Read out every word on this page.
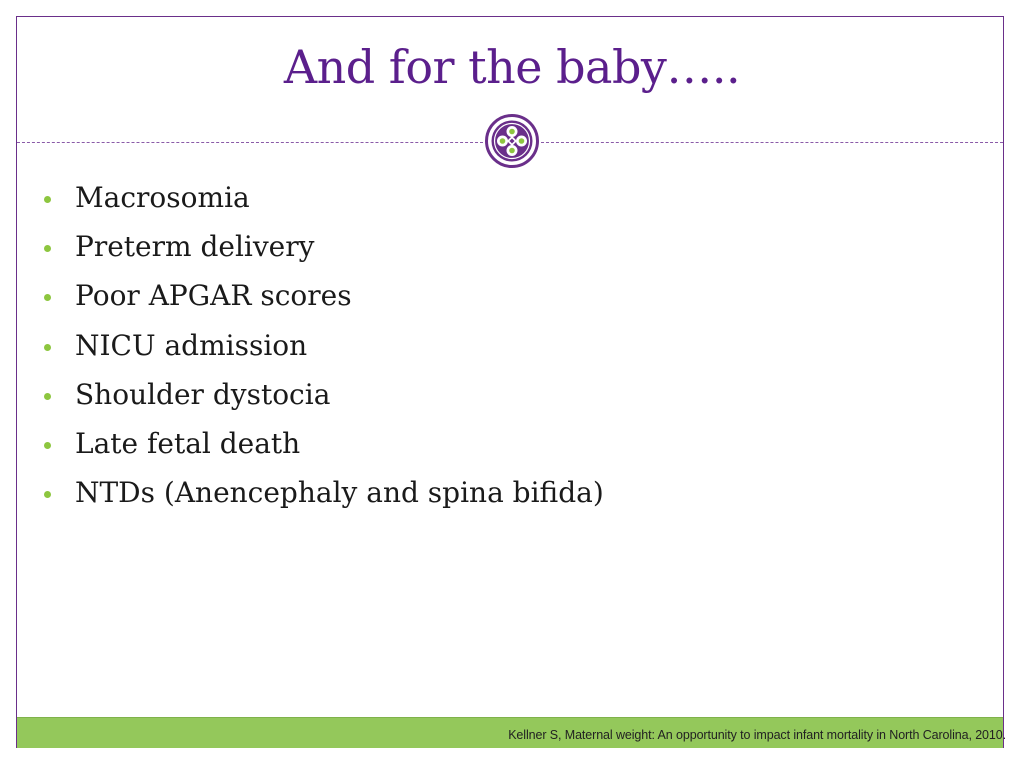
And for the baby…..
Macrosomia
Preterm delivery
Poor APGAR scores
NICU admission
Shoulder dystocia
Late fetal death
NTDs (Anencephaly and spina bifida)
Kellner S, Maternal weight: An opportunity to impact infant mortality in North Carolina, 2010.
